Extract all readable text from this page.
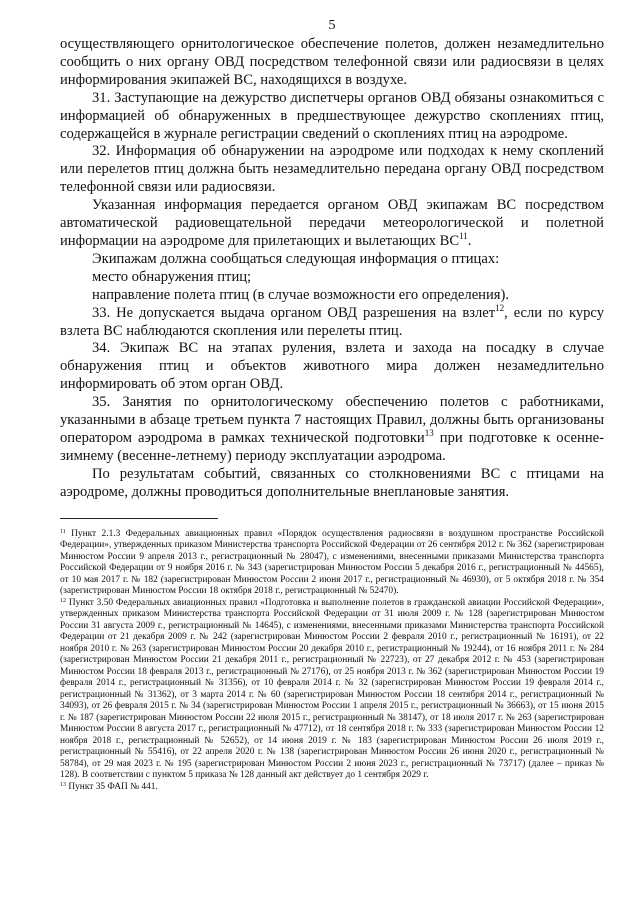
5

осуществляющего орнитологическое обеспечение полетов, должен незамедлительно сообщить о них органу ОВД посредством телефонной связи или радиосвязи в целях информирования экипажей ВС, находящихся в воздухе.

31. Заступающие на дежурство диспетчеры органов ОВД обязаны ознакомиться с информацией об обнаруженных в предшествующее дежурство скоплениях птиц, содержащейся в журнале регистрации сведений о скоплениях птиц на аэродроме.

32. Информация об обнаружении на аэродроме или подходах к нему скоплений или перелетов птиц должна быть незамедлительно передана органу ОВД посредством телефонной связи или радиосвязи.

Указанная информация передается органом ОВД экипажам ВС посредством автоматической радиовещательной передачи метеорологической и полетной информации на аэродроме для прилетающих и вылетающих ВС$^{11}$.

Экипажам должна сообщаться следующая информация о птицах:

место обнаружения птиц;

направление полета птиц (в случае возможности его определения).

33. Не допускается выдача органом ОВД разрешения на взлет$^{12}$, если по курсу взлета ВС наблюдаются скопления или перелеты птиц.

34. Экипаж ВС на этапах руления, взлета и захода на посадку в случае обнаружения птиц и объектов животного мира должен незамедлительно информировать об этом орган ОВД.

35. Занятия по орнитологическому обеспечению полетов с работниками, указанными в абзаце третьем пункта 7 настоящих Правил, должны быть организованы оператором аэродрома в рамках технической подготовки$^{13}$ при подготовке к осенне-зимнему (весенне-летнему) периоду эксплуатации аэродрома.

По результатам событий, связанных со столкновениями ВС с птицами на аэродроме, должны проводиться дополнительные внеплановые занятия.

$^{11}$ Пункт 2.1.3 Федеральных авиационных правил «Порядок осуществления радиосвязи в воздушном пространстве Российской Федерации», утвержденных приказом Министерства транспорта Российской Федерации от 26 сентября 2012 г. № 362 (зарегистрирован Минюстом России 9 апреля 2013 г., регистрационный № 28047), с изменениями, внесенными приказами Министерства транспорта Российской Федерации от 9 ноября 2016 г. № 343 (зарегистрирован Минюстом России 5 декабря 2016 г., регистрационный № 44565), от 10 мая 2017 г. № 182 (зарегистрирован Минюстом России 2 июня 2017 г., регистрационный № 46930), от 5 октября 2018 г. № 354 (зарегистрирован Минюстом России 18 октября 2018 г., регистрационный № 52470).

$^{12}$ Пункт 3.50 Федеральных авиационных правил «Подготовка и выполнение полетов в гражданской авиации Российской Федерации», утвержденных приказом Министерства транспорта Российской Федерации от 31 июля 2009 г. № 128 (зарегистрирован Минюстом России 31 августа 2009 г., регистрационный № 14645), с изменениями, внесенными приказами Министерства транспорта Российской Федерации от 21 декабря 2009 г. № 242 (зарегистрирован Минюстом России 2 февраля 2010 г., регистрационный № 16191), от 22 ноября 2010 г. № 263 (зарегистрирован Минюстом России 20 декабря 2010 г., регистрационный № 19244), от 16 ноября 2011 г. № 284 (зарегистрирован Минюстом России 21 декабря 2011 г., регистрационный № 22723), от 27 декабря 2012 г. № 453 (зарегистрирован Минюстом России 18 февраля 2013 г., регистрационный № 27176), от 25 ноября 2013 г. № 362 (зарегистрирован Минюстом России 19 февраля 2014 г., регистрационный № 31356), от 10 февраля 2014 г. № 32 (зарегистрирован Минюстом России 19 февраля 2014 г., регистрационный № 31362), от 3 марта 2014 г. № 60 (зарегистрирован Минюстом России 18 сентября 2014 г., регистрационный № 34093), от 26 февраля 2015 г. № 34 (зарегистрирован Минюстом России 1 апреля 2015 г., регистрационный № 36663), от 15 июня 2015 г. № 187 (зарегистрирован Минюстом России 22 июля 2015 г., регистрационный № 38147), от 18 июля 2017 г. № 263 (зарегистрирован Минюстом России 8 августа 2017 г., регистрационный № 47712), от 18 сентября 2018 г. № 333 (зарегистрирован Минюстом России 12 ноября 2018 г., регистрационный № 52652), от 14 июня 2019 г. № 183 (зарегистрирован Минюстом России 26 июля 2019 г., регистрационный № 55416), от 22 апреля 2020 г. № 138 (зарегистрирован Минюстом России 26 июня 2020 г., регистрационный № 58784), от 29 мая 2023 г. № 195 (зарегистрирован Минюстом России 2 июня 2023 г., регистрационный № 73717) (далее – приказ № 128). В соответствии с пунктом 5 приказа № 128 данный акт действует до 1 сентября 2029 г.

$^{13}$ Пункт 35 ФАП № 441.
